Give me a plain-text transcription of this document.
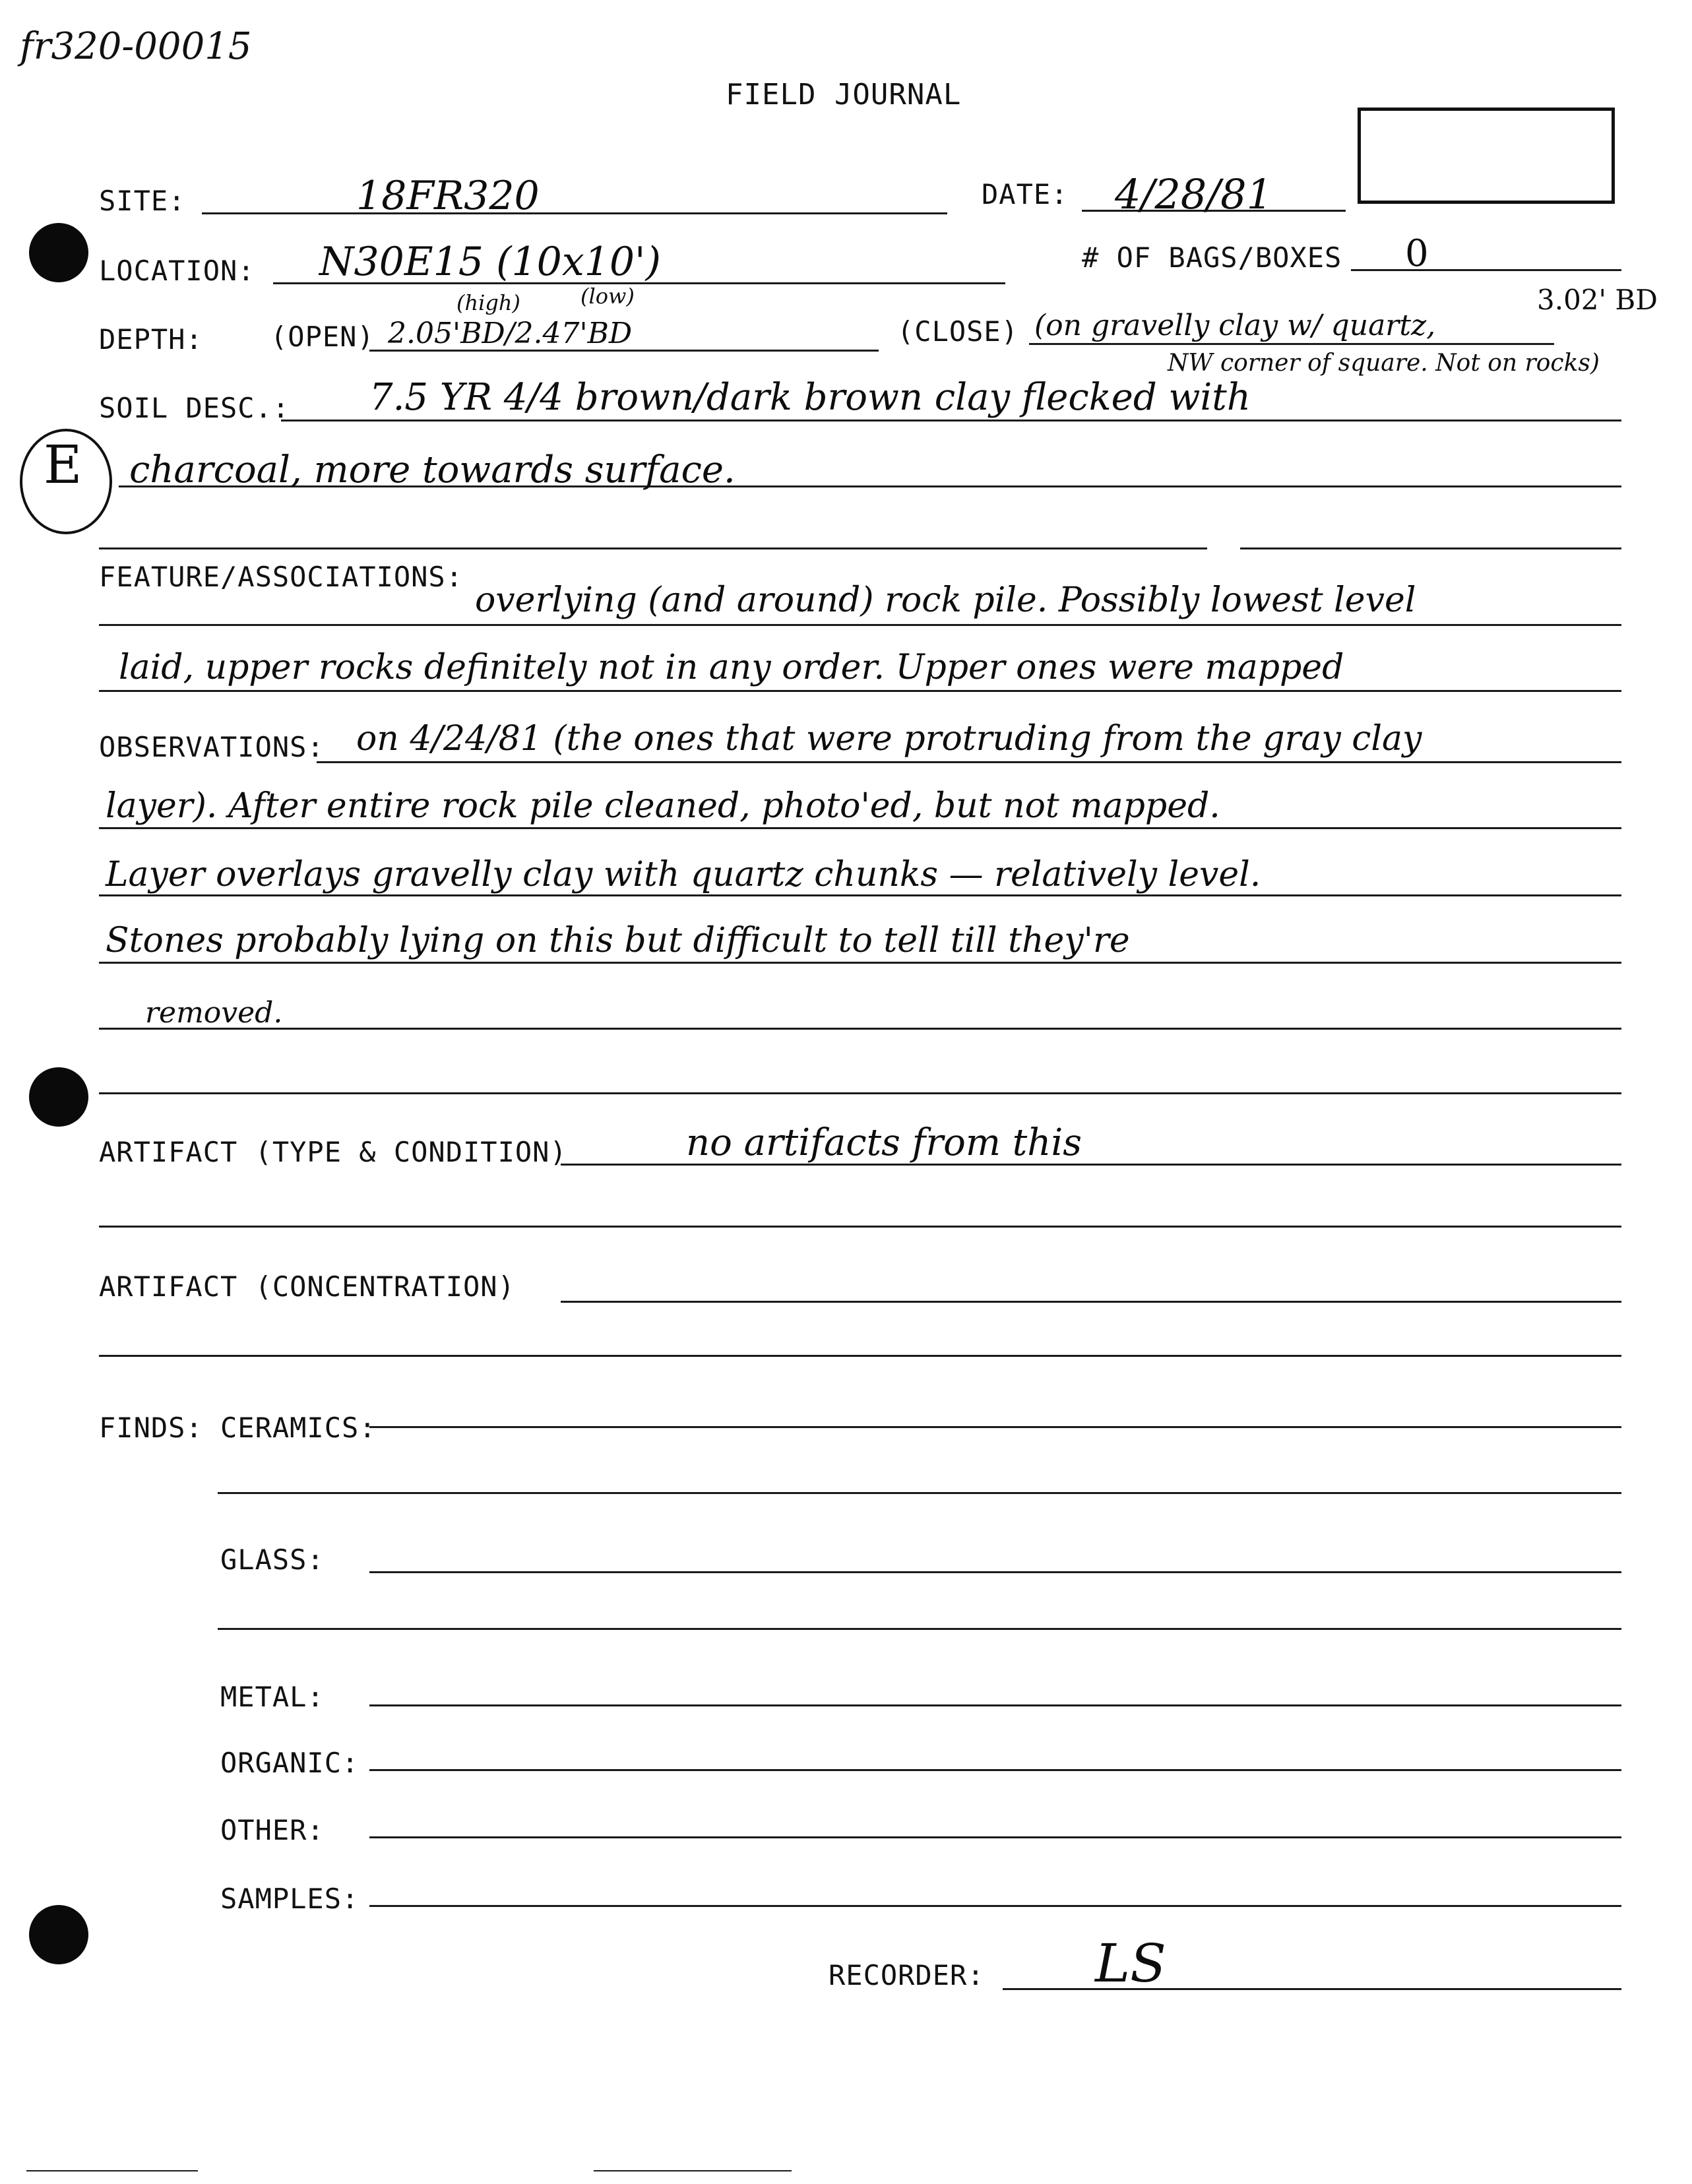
fr320-00015
FIELD JOURNAL
SITE:	18FR320	DATE: 4/28/81
LOCATION: N30E15 (10x10')	# OF BAGS/BOXES 0
DEPTH: (OPEN)
(high)	(low)
2.05'BD/2.47'BD	(CLOSE) (on gravelly clay w/ quartz,
3.02' BD
NW corner of square. Not on rocks)
SOIL DESC.: 7.5 YR 4/4 brown/dark brown clay flecked with
E charcoal, more towards surface.
FEATURE/ASSOCIATIONS:
overlying (and around) rock pile. Possibly lowest level
laid, upper rocks definitely not in any order. Upper ones were mapped
OBSERVATIONS: on 4/24/81 (the ones that were protruding from the gray clay
layer). After entire rock pile cleaned, photo'ed, but not mapped.
Layer overlays gravelly clay with quartz chunks — relatively level.
Stones probably lying on this but difficult to tell till they're
removed.
ARTIFACT (TYPE & CONDITION)	no artifacts from this
ARTIFACT (CONCENTRATION)
FINDS: CERAMICS:
GLASS:
METAL:
ORGANIC:
OTHER:
SAMPLES:
RECORDER: LS
